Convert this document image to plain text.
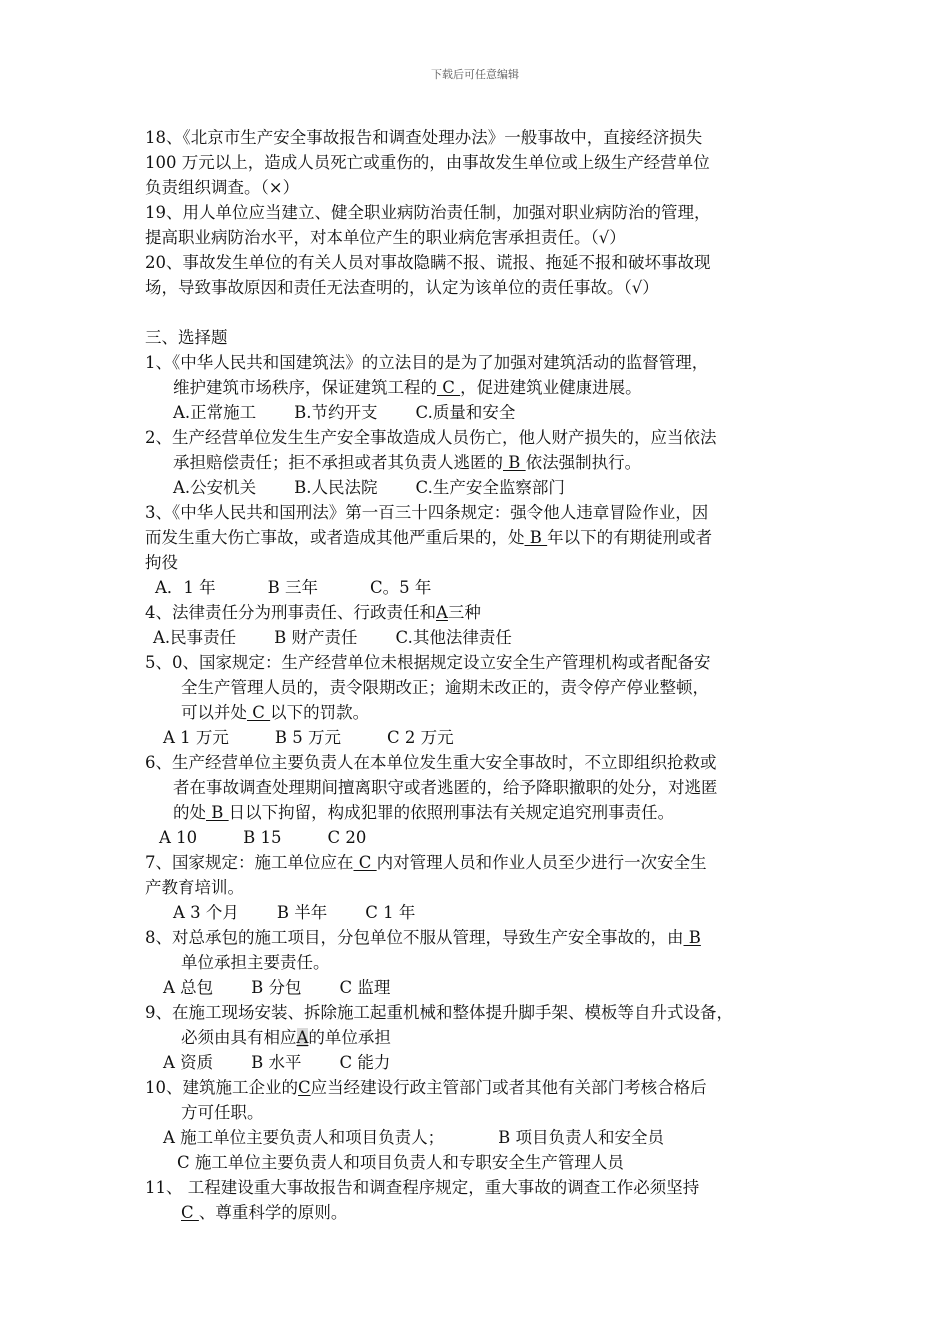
下载后可任意编辑
18、《北京市生产安全事故报告和调查处理办法》一般事故中，直接经济损失
100 万元以上，造成人员死亡或重伤的，由事故发生单位或上级生产经营单位
负责组织调查。（×）
19、用人单位应当建立、健全职业病防治责任制，加强对职业病防治的管理，
提高职业病防治水平，对本单位产生的职业病危害承担责任。（√）
20、事故发生单位的有关人员对事故隐瞒不报、谎报、拖延不报和破坏事故现
场，导致事故原因和责任无法查明的，认定为该单位的责任事故。（√）
三、选择题
1、《中华人民共和国建筑法》的立法目的是为了加强对建筑活动的监督管理，
维护建筑市场秩序，保证建筑工程的 C ，促进建筑业健康进展。
A.正常施工 B.节约开支 C.质量和安全
2、生产经营单位发生生产安全事故造成人员伤亡，他人财产损失的，应当依法
承担赔偿责任；拒不承担或者其负责人逃匿的 B 依法强制执行。
A.公安机关 B.人民法院 C.生产安全监察部门
3、《中华人民共和国刑法》第一百三十四条规定：强令他人违章冒险作业，因
而发生重大伤亡事故，或者造成其他严重后果的，处 B 年以下的有期徒刑或者
拘役
A．1 年	B 三年	C。5 年
4、法律责任分为刑事责任、行政责任和A三种
A.民事责任 B 财产责任 C.其他法律责任
5、0、国家规定：生产经营单位未根据规定设立安全生产管理机构或者配备安
全生产管理人员的，责令限期改正；逾期未改正的，责令停产停业整顿，
可以并处 C 以下的罚款。
A 1 万元	B 5 万元	C 2 万元
6、生产经营单位主要负责人在本单位发生重大安全事故时，不立即组织抢救或
者在事故调查处理期间擅离职守或者逃匿的，给予降职撤职的处分，对逃匿
的处 B 日以下拘留，构成犯罪的依照刑事法有关规定追究刑事责任。
A 10	B 15	C 20
7、国家规定：施工单位应在 C 内对管理人员和作业人员至少进行一次安全生
产教育培训。
A 3 个月 B 半年 C 1 年
8、对总承包的施工项目，分包单位不服从管理，导致生产安全事故的，由 B
单位承担主要责任。
A 总包 B 分包 C 监理
9、在施工现场安装、拆除施工起重机械和整体提升脚手架、模板等自升式设备，
必须由具有相应A的单位承担
A 资质 B 水平 C 能力
10、建筑施工企业的C应当经建设行政主管部门或者其他有关部门考核合格后
方可任职。
A 施工单位主要负责人和项目负责人；	B 项目负责人和安全员
C 施工单位主要负责人和项目负责人和专职安全生产管理人员
11、 工程建设重大事故报告和调查程序规定，重大事故的调查工作必须坚持
C 、尊重科学的原则。
